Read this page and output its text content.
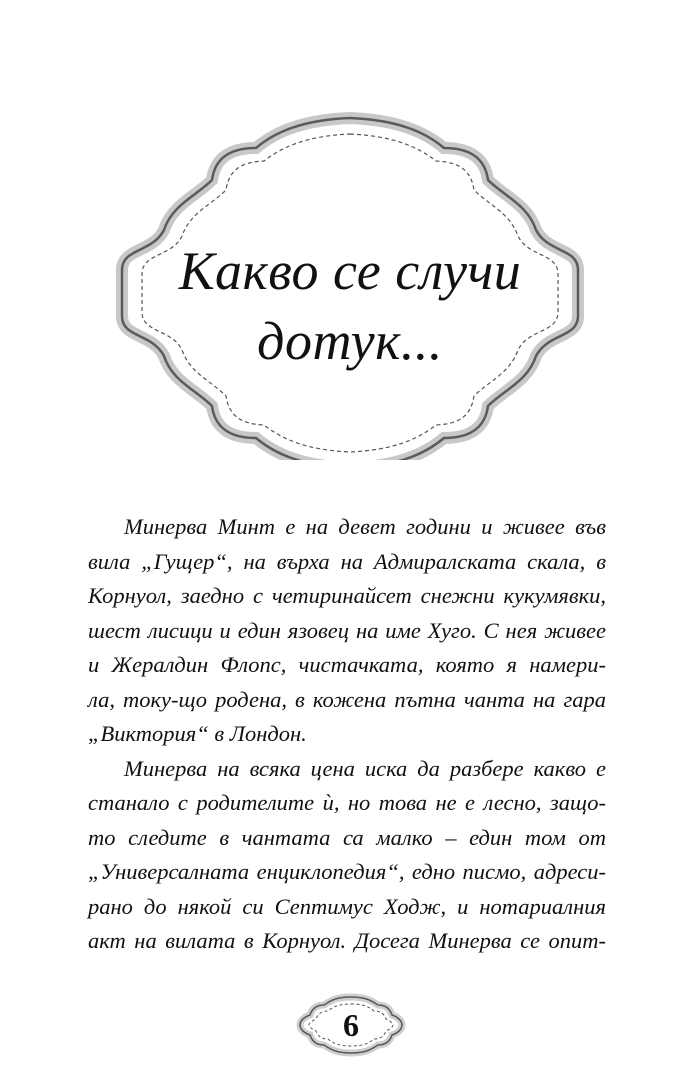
Какво се случи
дотук...
Минерва Минт е на девет години и живее във
вила „Гущер“, на върха на Адмиралската скала, в
Корнуол, заедно с четиринайсет снежни кукумявки,
шест лисици и един язовец на име Хуго. С нея живее
и Жералдин Флопс, чистачката, която я намери-
ла, току-що родена, в кожена пътна чанта на гара
„Виктория“ в Лондон.
Минерва на всяка цена иска да разбере какво е
станало с родителите ѝ, но това не е лесно, защо-
то следите в чантата са малко – един том от
„Универсалната енциклопедия“, едно писмо, адреси-
рано до някой си Септимус Ходж, и нотариалния
акт на вилата в Корнуол. Досега Минерва се опит-
6
